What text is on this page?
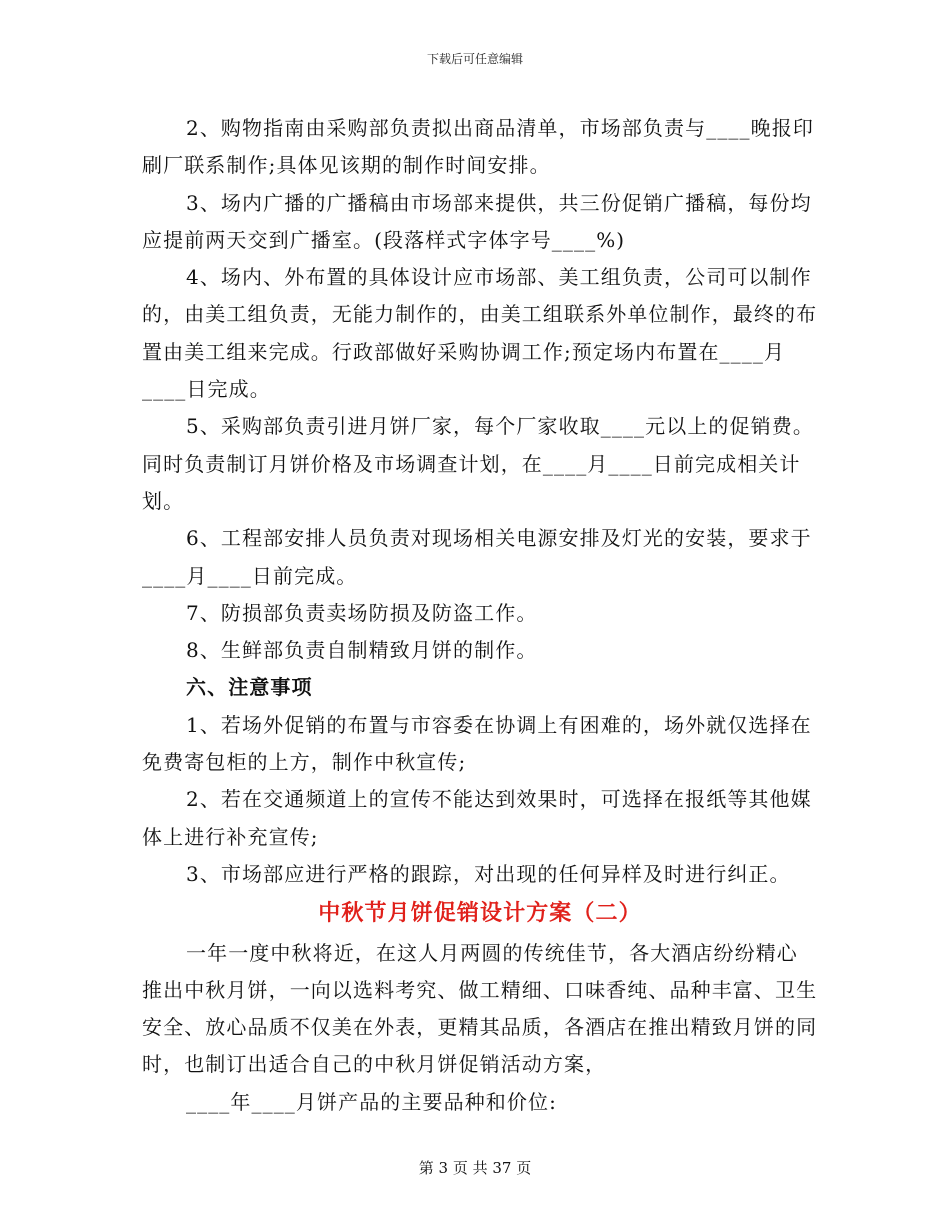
下载后可任意编辑

2、购物指南由采购部负责拟出商品清单，市场部负责与____晚报印刷厂联系制作;具体见该期的制作时间安排。

3、场内广播的广播稿由市场部来提供，共三份促销广播稿，每份均应提前两天交到广播室。(段落样式字体字号____%)

4、场内、外布置的具体设计应市场部、美工组负责，公司可以制作的，由美工组负责，无能力制作的，由美工组联系外单位制作，最终的布置由美工组来完成。行政部做好采购协调工作;预定场内布置在____月____日完成。

5、采购部负责引进月饼厂家，每个厂家收取____元以上的促销费。同时负责制订月饼价格及市场调查计划，在____月____日前完成相关计划。

6、工程部安排人员负责对现场相关电源安排及灯光的安装，要求于____月____日前完成。

7、防损部负责卖场防损及防盗工作。

8、生鲜部负责自制精致月饼的制作。

六、注意事项

1、若场外促销的布置与市容委在协调上有困难的，场外就仅选择在免费寄包柜的上方，制作中秋宣传;

2、若在交通频道上的宣传不能达到效果时，可选择在报纸等其他媒体上进行补充宣传;

3、市场部应进行严格的跟踪，对出现的任何异样及时进行纠正。

中秋节月饼促销设计方案（二）

一年一度中秋将近，在这人月两圆的传统佳节，各大酒店纷纷精心推出中秋月饼，一向以选料考究、做工精细、口味香纯、品种丰富、卫生安全、放心品质不仅美在外表，更精其品质，各酒店在推出精致月饼的同时，也制订出适合自己的中秋月饼促销活动方案，

____年____月饼产品的主要品种和价位:

第 3 页 共 37 页
